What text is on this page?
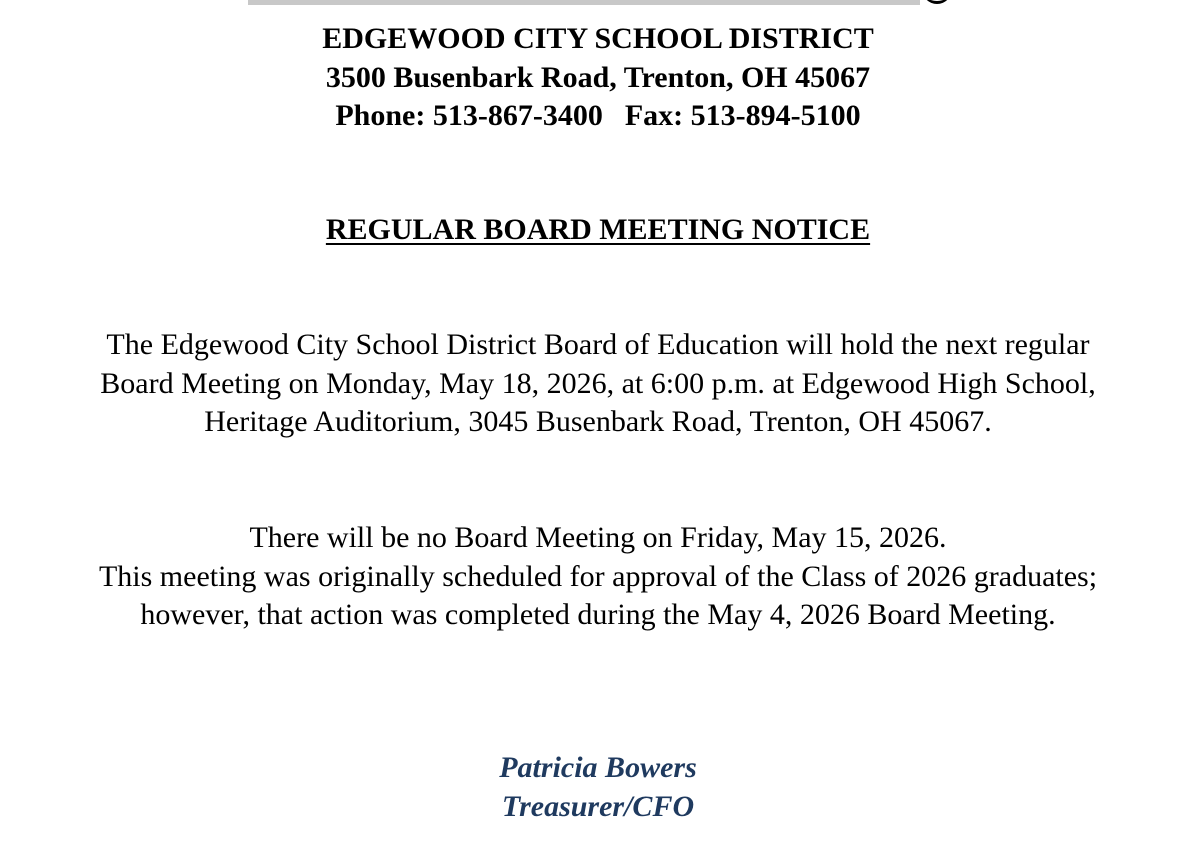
EDGEWOOD CITY SCHOOL DISTRICT
3500 Busenbark Road, Trenton, OH 45067
Phone: 513-867-3400 Fax: 513-894-5100
REGULAR BOARD MEETING NOTICE
The Edgewood City School District Board of Education will hold the next regular
Board Meeting on Monday, May 18, 2026, at 6:00 p.m. at Edgewood High School,
Heritage Auditorium, 3045 Busenbark Road, Trenton, OH 45067.
There will be no Board Meeting on Friday, May 15, 2026.
This meeting was originally scheduled for approval of the Class of 2026 graduates;
however, that action was completed during the May 4, 2026 Board Meeting.
Patricia Bowers
Treasurer/CFO
